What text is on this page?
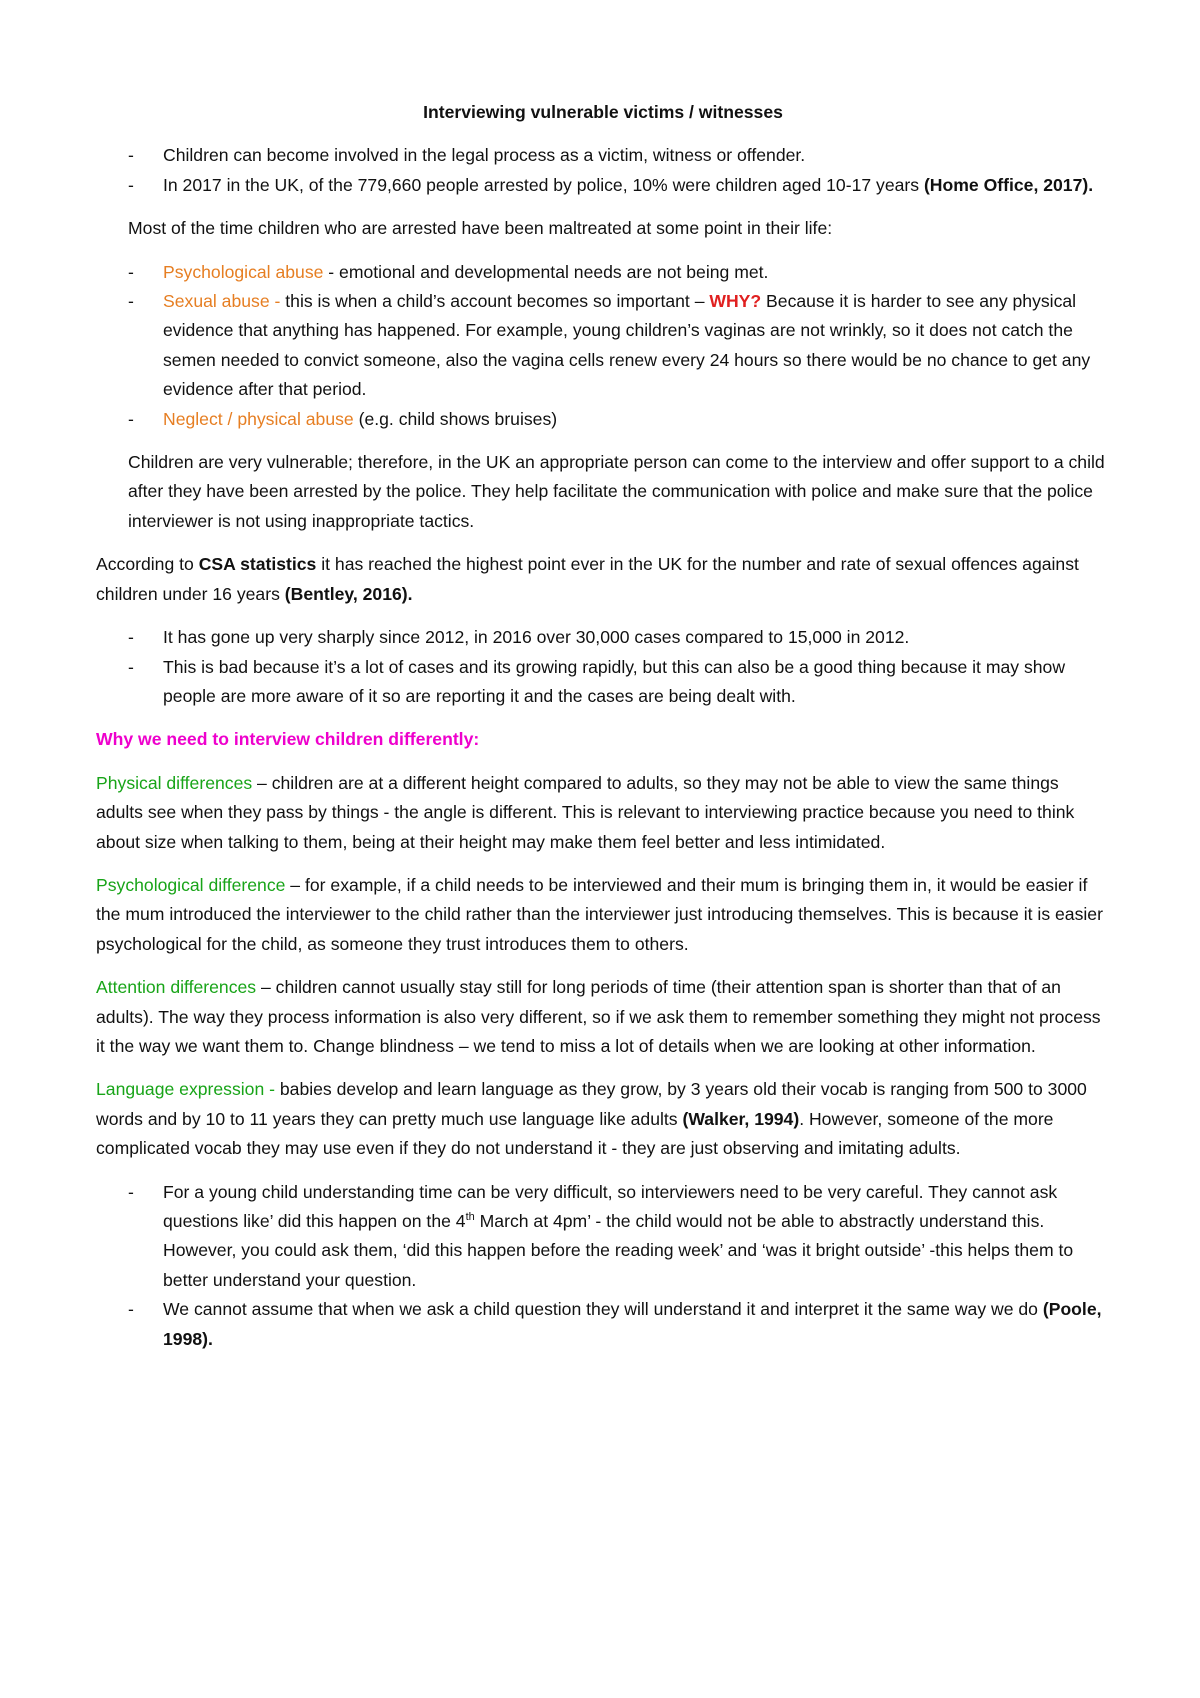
Interviewing vulnerable victims / witnesses

- Children can become involved in the legal process as a victim, witness or offender.

- In 2017 in the UK, of the 779,660 people arrested by police, 10% were children aged 10-17 years (Home Office, 2017).

Most of the time children who are arrested have been maltreated at some point in their life:

- Psychological abuse - emotional and developmental needs are not being met.

- Sexual abuse - this is when a child’s account becomes so important – WHY? Because it is harder to see any physical evidence that anything has happened. For example, young children’s vaginas are not wrinkly, so it does not catch the semen needed to convict someone, also the vagina cells renew every 24 hours so there would be no chance to get any evidence after that period.

- Neglect / physical abuse (e.g. child shows bruises)

Children are very vulnerable; therefore, in the UK an appropriate person can come to the interview and offer support to a child after they have been arrested by the police. They help facilitate the communication with police and make sure that the police interviewer is not using inappropriate tactics.

According to CSA statistics it has reached the highest point ever in the UK for the number and rate of sexual offences against children under 16 years (Bentley, 2016).

- It has gone up very sharply since 2012, in 2016 over 30,000 cases compared to 15,000 in 2012.

- This is bad because it’s a lot of cases and its growing rapidly, but this can also be a good thing because it may show people are more aware of it so are reporting it and the cases are being dealt with.

Why we need to interview children differently:

Physical differences – children are at a different height compared to adults, so they may not be able to view the same things adults see when they pass by things - the angle is different. This is relevant to interviewing practice because you need to think about size when talking to them, being at their height may make them feel better and less intimidated.

Psychological difference – for example, if a child needs to be interviewed and their mum is bringing them in, it would be easier if the mum introduced the interviewer to the child rather than the interviewer just introducing themselves. This is because it is easier psychological for the child, as someone they trust introduces them to others.

Attention differences – children cannot usually stay still for long periods of time (their attention span is shorter than that of an adults). The way they process information is also very different, so if we ask them to remember something they might not process it the way we want them to. Change blindness – we tend to miss a lot of details when we are looking at other information.

Language expression - babies develop and learn language as they grow, by 3 years old their vocab is ranging from 500 to 3000 words and by 10 to 11 years they can pretty much use language like adults (Walker, 1994). However, someone of the more complicated vocab they may use even if they do not understand it - they are just observing and imitating adults.

- For a young child understanding time can be very difficult, so interviewers need to be very careful. They cannot ask questions like’ did this happen on the 4th March at 4pm’ - the child would not be able to abstractly understand this. However, you could ask them, ‘did this happen before the reading week’ and ‘was it bright outside’ -this helps them to better understand your question.

- We cannot assume that when we ask a child question they will understand it and interpret it the same way we do (Poole, 1998).
